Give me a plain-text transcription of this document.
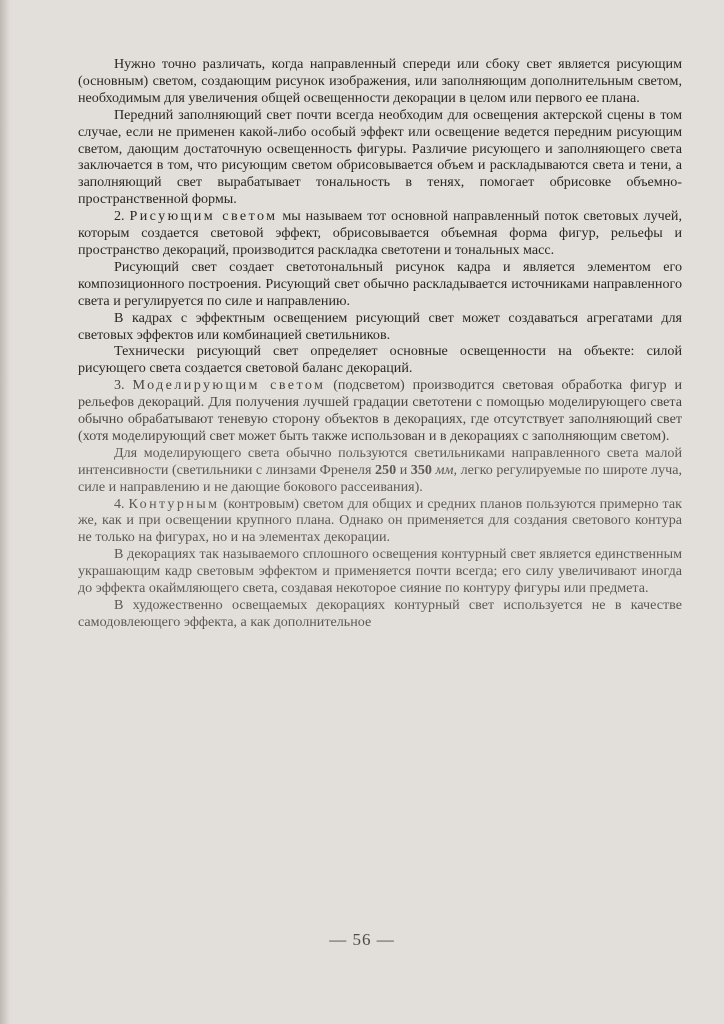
Нужно точно различать, когда направленный спереди или сбоку свет является рисующим (основным) светом, создающим рисунок изображения, или заполняющим дополнительным светом, необходимым для увеличения общей освещенности декорации в целом или первого ее плана.

Передний заполняющий свет почти всегда необходим для освещения актерской сцены в том случае, если не применен какой-либо особый эффект или освещение ведется передним рисующим светом, дающим достаточную освещенность фигуры. Различие рисующего и заполняющего света заключается в том, что рисующим светом обрисовывается объем и раскладываются света и тени, а заполняющий свет вырабатывает тональность в тенях, помогает обрисовке объемно-пространственной формы.

2. Рисующим светом мы называем тот основной направленный поток световых лучей, которым создается световой эффект, обрисовывается объемная форма фигур, рельефы и пространство декораций, производится раскладка светотени и тональных масс.

Рисующий свет создает светотональный рисунок кадра и является элементом его композиционного построения. Рисующий свет обычно раскладывается источниками направленного света и регулируется по силе и направлению.

В кадрах с эффектным освещением рисующий свет может создаваться агрегатами для световых эффектов или комбинацией светильников.

Технически рисующий свет определяет основные освещенности на объекте: силой рисующего света создается световой баланс декораций.

3. Моделирующим светом (подсветом) производится световая обработка фигур и рельефов декораций. Для получения лучшей градации светотени с помощью моделирующего света обычно обрабатывают теневую сторону объектов в декорациях, где отсутствует заполняющий свет (хотя моделирующий свет может быть также использован и в декорациях с заполняющим светом).

Для моделирующего света обычно пользуются светильниками направленного света малой интенсивности (светильники с линзами Френеля 250 и 350 мм, легко регулируемые по широте луча, силе и направлению и не дающие бокового рассеивания).

4. Контурным (контровым) светом для общих и средних планов пользуются примерно так же, как и при освещении крупного плана. Однако он применяется для создания светового контура не только на фигурах, но и на элементах декорации.

В декорациях так называемого сплошного освещения контурный свет является единственным украшающим кадр световым эффектом и применяется почти всегда; его силу увеличивают иногда до эффекта окаймляющего света, создавая некоторое сияние по контуру фигуры или предмета.

В художественно освещаемых декорациях контурный свет используется не в качестве самодовлеющего эффекта, а как дополнительное

— 56 —
